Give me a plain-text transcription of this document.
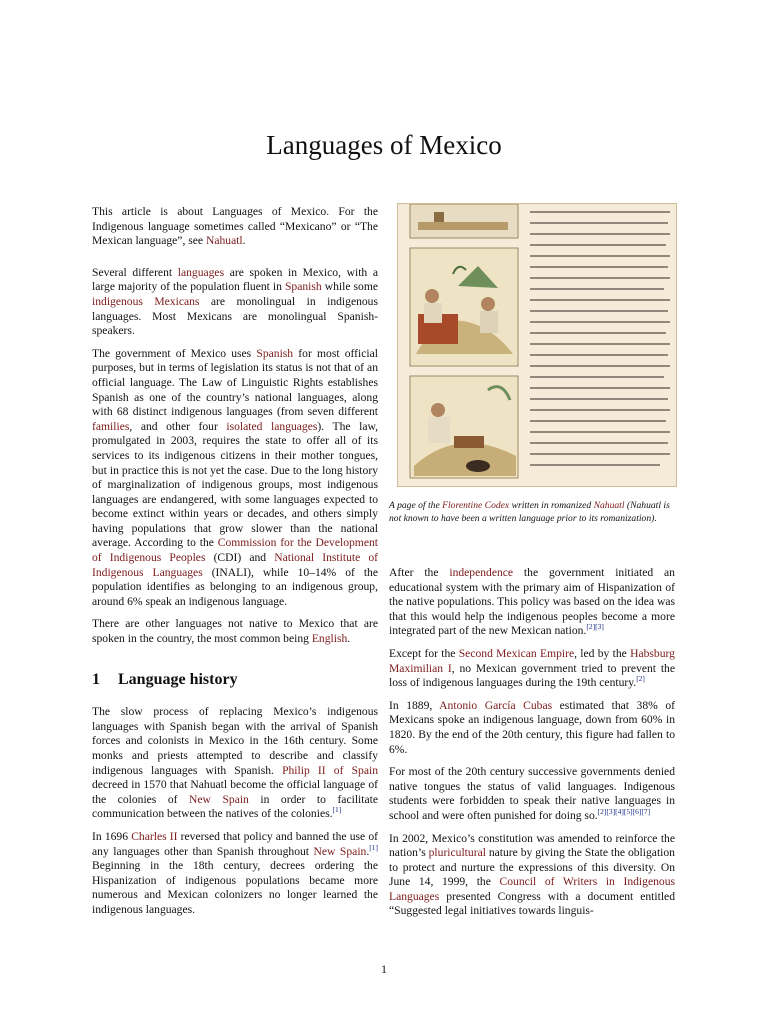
Languages of Mexico

This article is about Languages of Mexico. For the Indigenous language sometimes called “Mexicano” or “The Mexican language”, see Nahuatl.

Several different languages are spoken in Mexico, with a large majority of the population fluent in Spanish while some indigenous Mexicans are monolingual in indigenous languages. Most Mexicans are monolingual Spanish-speakers.

The government of Mexico uses Spanish for most official purposes, but in terms of legislation its status is not that of an official language. The Law of Linguistic Rights establishes Spanish as one of the country’s national languages, along with 68 distinct indigenous languages (from seven different families, and other four isolated languages). The law, promulgated in 2003, requires the state to offer all of its services to its indigenous citizens in their mother tongues, but in practice this is not yet the case. Due to the long history of marginalization of indigenous groups, most indigenous languages are endangered, with some languages expected to become extinct within years or decades, and others simply having populations that grow slower than the national average. According to the Commission for the Development of Indigenous Peoples (CDI) and National Institute of Indigenous Languages (INALI), while 10–14% of the population identifies as belonging to an indigenous group, around 6% speak an indigenous language.

There are other languages not native to Mexico that are spoken in the country, the most common being English.

1 Language history

The slow process of replacing Mexico’s indigenous languages with Spanish began with the arrival of Spanish forces and colonists in Mexico in the 16th century. Some monks and priests attempted to describe and classify indigenous languages with Spanish. Philip II of Spain decreed in 1570 that Nahuatl become the official language of the colonies of New Spain in order to facilitate communication between the natives of the colonies.[1]

In 1696 Charles II reversed that policy and banned the use of any languages other than Spanish throughout New Spain.[1] Beginning in the 18th century, decrees ordering the Hispanization of indigenous populations became more numerous and Mexican colonizers no longer learned the indigenous languages.

A page of the Florentine Codex written in romanized Nahuatl (Nahuatl is not known to have been a written language prior to its romanization).

After the independence the government initiated an educational system with the primary aim of Hispanization of the native populations. This policy was based on the idea was that this would help the indigenous peoples become a more integrated part of the new Mexican nation.[2][3]

Except for the Second Mexican Empire, led by the Habsburg Maximilian I, no Mexican government tried to prevent the loss of indigenous languages during the 19th century.[2]

In 1889, Antonio García Cubas estimated that 38% of Mexicans spoke an indigenous language, down from 60% in 1820. By the end of the 20th century, this figure had fallen to 6%.

For most of the 20th century successive governments denied native tongues the status of valid languages. Indigenous students were forbidden to speak their native languages in school and were often punished for doing so.[2][3][4][5][6][7]

In 2002, Mexico’s constitution was amended to reinforce the nation’s pluricultural nature by giving the State the obligation to protect and nurture the expressions of this diversity. On June 14, 1999, the Council of Writers in Indigenous Languages presented Congress with a document entitled “Suggested legal initiatives towards linguis-

1
